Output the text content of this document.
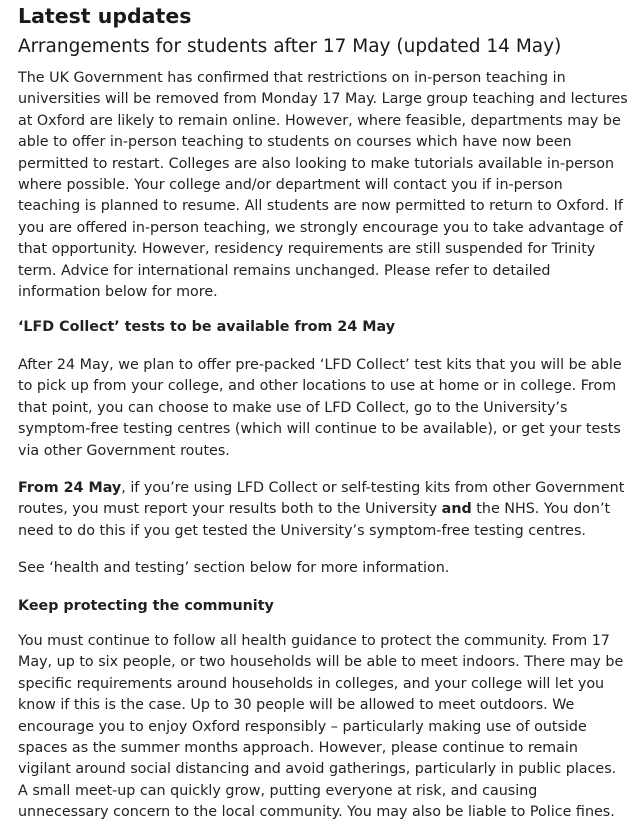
Latest updates
Arrangements for students after 17 May (updated 14 May)

The UK Government has confirmed that restrictions on in-person teaching in universities will be removed from Monday 17 May. Large group teaching and lectures at Oxford are likely to remain online. However, where feasible, departments may be able to offer in-person teaching to students on courses which have now been permitted to restart. Colleges are also looking to make tutorials available in-person where possible. Your college and/or department will contact you if in-person teaching is planned to resume. All students are now permitted to return to Oxford. If you are offered in-person teaching, we strongly encourage you to take advantage of that opportunity. However, residency requirements are still suspended for Trinity term. Advice for international remains unchanged. Please refer to detailed information below for more.

‘LFD Collect’ tests to be available from 24 May

After 24 May, we plan to offer pre-packed ‘LFD Collect’ test kits that you will be able to pick up from your college, and other locations to use at home or in college. From that point, you can choose to make use of LFD Collect, go to the University’s symptom-free testing centres (which will continue to be available), or get your tests via other Government routes.

From 24 May, if you’re using LFD Collect or self-testing kits from other Government routes, you must report your results both to the University and the NHS. You don’t need to do this if you get tested the University’s symptom-free testing centres.

See ‘health and testing’ section below for more information.

Keep protecting the community

You must continue to follow all health guidance to protect the community. From 17 May, up to six people, or two households will be able to meet indoors. There may be specific requirements around households in colleges, and your college will let you know if this is the case. Up to 30 people will be allowed to meet outdoors. We encourage you to enjoy Oxford responsibly – particularly making use of outside spaces as the summer months approach. However, please continue to remain vigilant around social distancing and avoid gatherings, particularly in public places. A small meet-up can quickly grow, putting everyone at risk, and causing unnecessary concern to the local community. You may also be liable to Police fines.
